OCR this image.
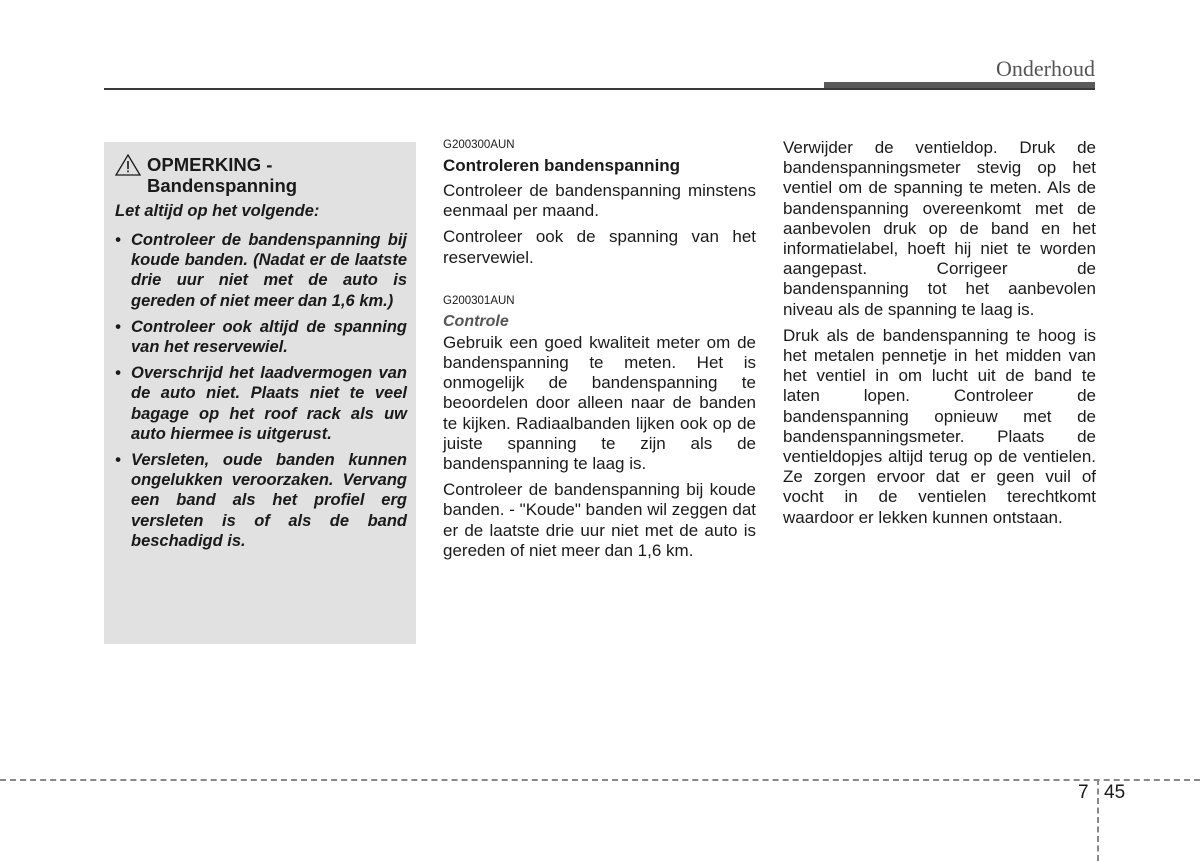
Onderhoud
OPMERKING -
Bandenspanning
Let altijd op het volgende:
• Controleer de bandenspanning bij koude banden. (Nadat er de laatste drie uur niet met de auto is gereden of niet meer dan 1,6 km.)
• Controleer ook altijd de spanning van het reservewiel.
• Overschrijd het laadvermogen van de auto niet. Plaats niet te veel bagage op het roof rack als uw auto hiermee is uitgerust.
• Versleten, oude banden kunnen ongelukken veroorzaken. Vervang een band als het profiel erg versleten is of als de band beschadigd is.
G200300AUN
Controleren bandenspanning

Controleer de bandenspanning minstens eenmaal per maand.

Controleer ook de spanning van het reservewiel.

G200301AUN
Controle

Gebruik een goed kwaliteit meter om de bandenspanning te meten. Het is onmogelijk de bandenspanning te beoordelen door alleen naar de banden te kijken. Radiaalbanden lijken ook op de juiste spanning te zijn als de bandenspanning te laag is.

Controleer de bandenspanning bij koude banden. - "Koude" banden wil zeggen dat er de laatste drie uur niet met de auto is gereden of niet meer dan 1,6 km.

Verwijder de ventieldop. Druk de bandenspanningsmeter stevig op het ventiel om de spanning te meten. Als de bandenspanning overeenkomt met de aanbevolen druk op de band en het informatielabel, hoeft hij niet te worden aangepast. Corrigeer de bandenspanning tot het aanbevolen niveau als de spanning te laag is.

Druk als de bandenspanning te hoog is het metalen pennetje in het midden van het ventiel in om lucht uit de band te laten lopen. Controleer de bandenspanning opnieuw met de bandenspanningsmeter. Plaats de ventieldopjes altijd terug op de ventielen. Ze zorgen ervoor dat er geen vuil of vocht in de ventielen terechtkomt waardoor er lekken kunnen ontstaan.

7 45
